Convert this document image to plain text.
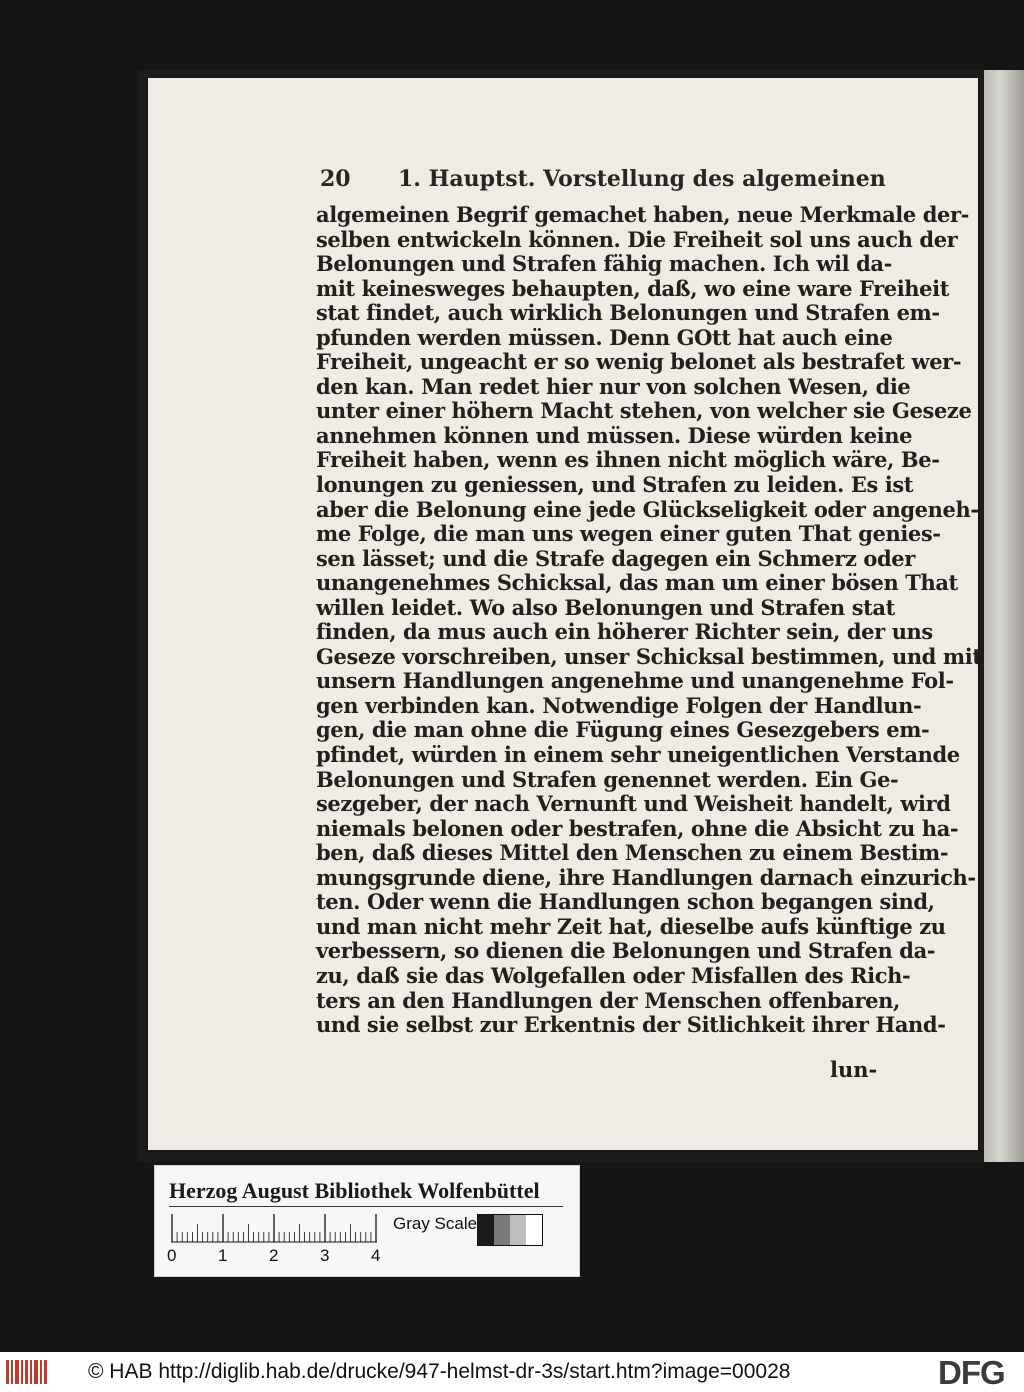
20 1. Hauptst. Vorstellung des algemeinen
algemeinen Begrif gemachet haben, neue Merkmale der-
selben entwickeln können. Die Freiheit sol uns auch der
Belonungen und Strafen fähig machen. Ich wil da-
mit keinesweges behaupten, daß, wo eine ware Freiheit
stat findet, auch wirklich Belonungen und Strafen em-
pfunden werden müssen. Denn GOtt hat auch eine
Freiheit, ungeacht er so wenig belonet als bestrafet wer-
den kan. Man redet hier nur von solchen Wesen, die
unter einer höhern Macht stehen, von welcher sie Geseze
annehmen können und müssen. Diese würden keine
Freiheit haben, wenn es ihnen nicht möglich wäre, Be-
lonungen zu geniessen, und Strafen zu leiden. Es ist
aber die Belonung eine jede Glückseligkeit oder angeneh-
me Folge, die man uns wegen einer guten That genies-
sen lässet; und die Strafe dagegen ein Schmerz oder
unangenehmes Schicksal, das man um einer bösen That
willen leidet. Wo also Belonungen und Strafen stat
finden, da mus auch ein höherer Richter sein, der uns
Geseze vorschreiben, unser Schicksal bestimmen, und mit
unsern Handlungen angenehme und unangenehme Fol-
gen verbinden kan. Notwendige Folgen der Handlun-
gen, die man ohne die Fügung eines Gesezgebers em-
pfindet, würden in einem sehr uneigentlichen Verstande
Belonungen und Strafen genennet werden. Ein Ge-
sezgeber, der nach Vernunft und Weisheit handelt, wird
niemals belonen oder bestrafen, ohne die Absicht zu ha-
ben, daß dieses Mittel den Menschen zu einem Bestim-
mungsgrunde diene, ihre Handlungen darnach einzurich-
ten. Oder wenn die Handlungen schon begangen sind,
und man nicht mehr Zeit hat, dieselbe aufs künftige zu
verbessern, so dienen die Belonungen und Strafen da-
zu, daß sie das Wolgefallen oder Misfallen des Rich-
ters an den Handlungen der Menschen offenbaren,
und sie selbst zur Erkentnis der Sitlichkeit ihrer Hand-
lun-
Herzog August Bibliothek Wolfenbüttel
0 1 2 3 4
Gray Scale
© HAB http://diglib.hab.de/drucke/947-helmst-dr-3s/start.htm?image=00028	DFG
